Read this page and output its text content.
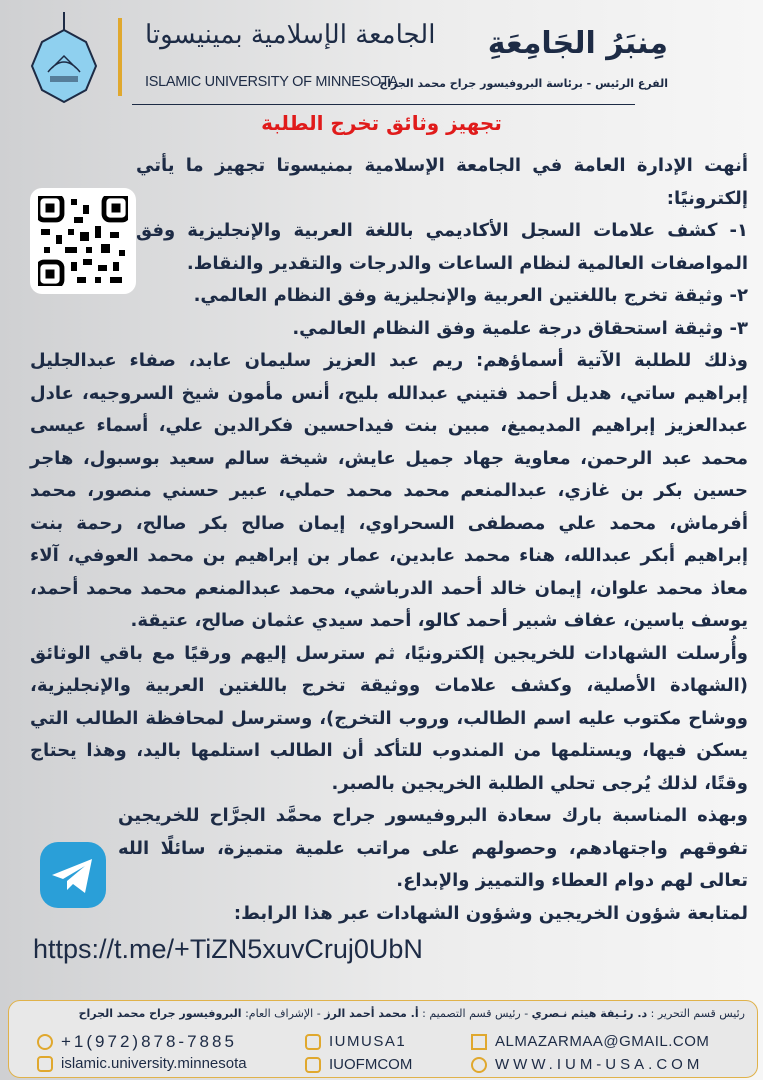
الجامعة الإسلامية بمينيسوتا
ISLAMIC UNIVERSITY OF MINNESOTA
مِنبَرُ الجَامِعَةِ
الفرع الرئيس - برئاسة البروفيسور جراح محمد الجراح
تجهيز وثائق تخرج الطلبة

أنهت الإدارة العامة في الجامعة الإسلامية بمنيسوتا تجهيز ما يأتي إلكترونيًا:

١- كشف علامات السجل الأكاديمي باللغة العربية والإنجليزية وفق المواصفات العالمية لنظام الساعات والدرجات والتقدير والنقاط.

٢- وثيقة تخرج باللغتين العربية والإنجليزية وفق النظام العالمي.

٣- وثيقة استحقاق درجة علمية وفق النظام العالمي.

وذلك للطلبة الآتية أسماؤهم: ريم عبد العزيز سليمان عابد، صفاء عبدالجليل إبراهيم ساتي، هديل أحمد فتيني عبدالله بليح، أنس مأمون شيخ السروجيه، عادل عبدالعزيز إبراهيم المديميغ، مبين بنت فيداحسين فكرالدين علي، أسماء عيسى محمد عبد الرحمن، معاوية جهاد جميل عايش، شيخة سالم سعيد بوسبول، هاجر حسين بكر بن غازي، عبدالمنعم محمد محمد حملي، عبير حسني منصور، محمد أفرماش، محمد علي مصطفى السحراوي، إيمان صالح بكر صالح، رحمة بنت إبراهيم أبكر عبدالله، هناء محمد عابدين، عمار بن إبراهيم بن محمد العوفي، آلاء معاذ محمد علوان، إيمان خالد أحمد الدرباشي، محمد عبدالمنعم محمد محمد أحمد، يوسف ياسين، عفاف شبير أحمد كالو، أحمد سيدي عثمان صالح، عتيقة.

وأُرسلت الشهادات للخريجين إلكترونيًا، ثم سترسل إليهم ورقيًا مع باقي الوثائق (الشهادة الأصلية، وكشف علامات ووثيقة تخرج باللغتين العربية والإنجليزية، ووشاح مكتوب عليه اسم الطالب، وروب التخرج)، وسترسل لمحافظة الطالب التي يسكن فيها، ويستلمها من المندوب للتأكد أن الطالب استلمها باليد، وهذا يحتاج وقتًا، لذلك يُرجى تحلي الطلبة الخريجين بالصبر.

وبهذه المناسبة بارك سعادة البروفيسور جراح محمَّد الجرَّاح للخريجين تفوقهم واجتهادهم، وحصولهم على مراتب علمية متميزة، سائلًا الله تعالى لهم دوام العطاء والتمييز والإبداع.

لمتابعة شؤون الخريجين وشؤون الشهادات عبر هذا الرابط:

https://t.me/+TiZN5xuvCruj0UbN
رئيس قسم التحرير : د. رئـيفة هيثم نـصري - رئيس قسم التصميم : أ. محمد أحمد الرز - الإشراف العام: البروفيسور جراح محمد الجراح
+1(972)878-7885
islamic.university.minnesota
IUMUSA1
IUOFMCOM
ALMAZARMAA@GMAIL.COM
WWW.IUM-USA.COM
